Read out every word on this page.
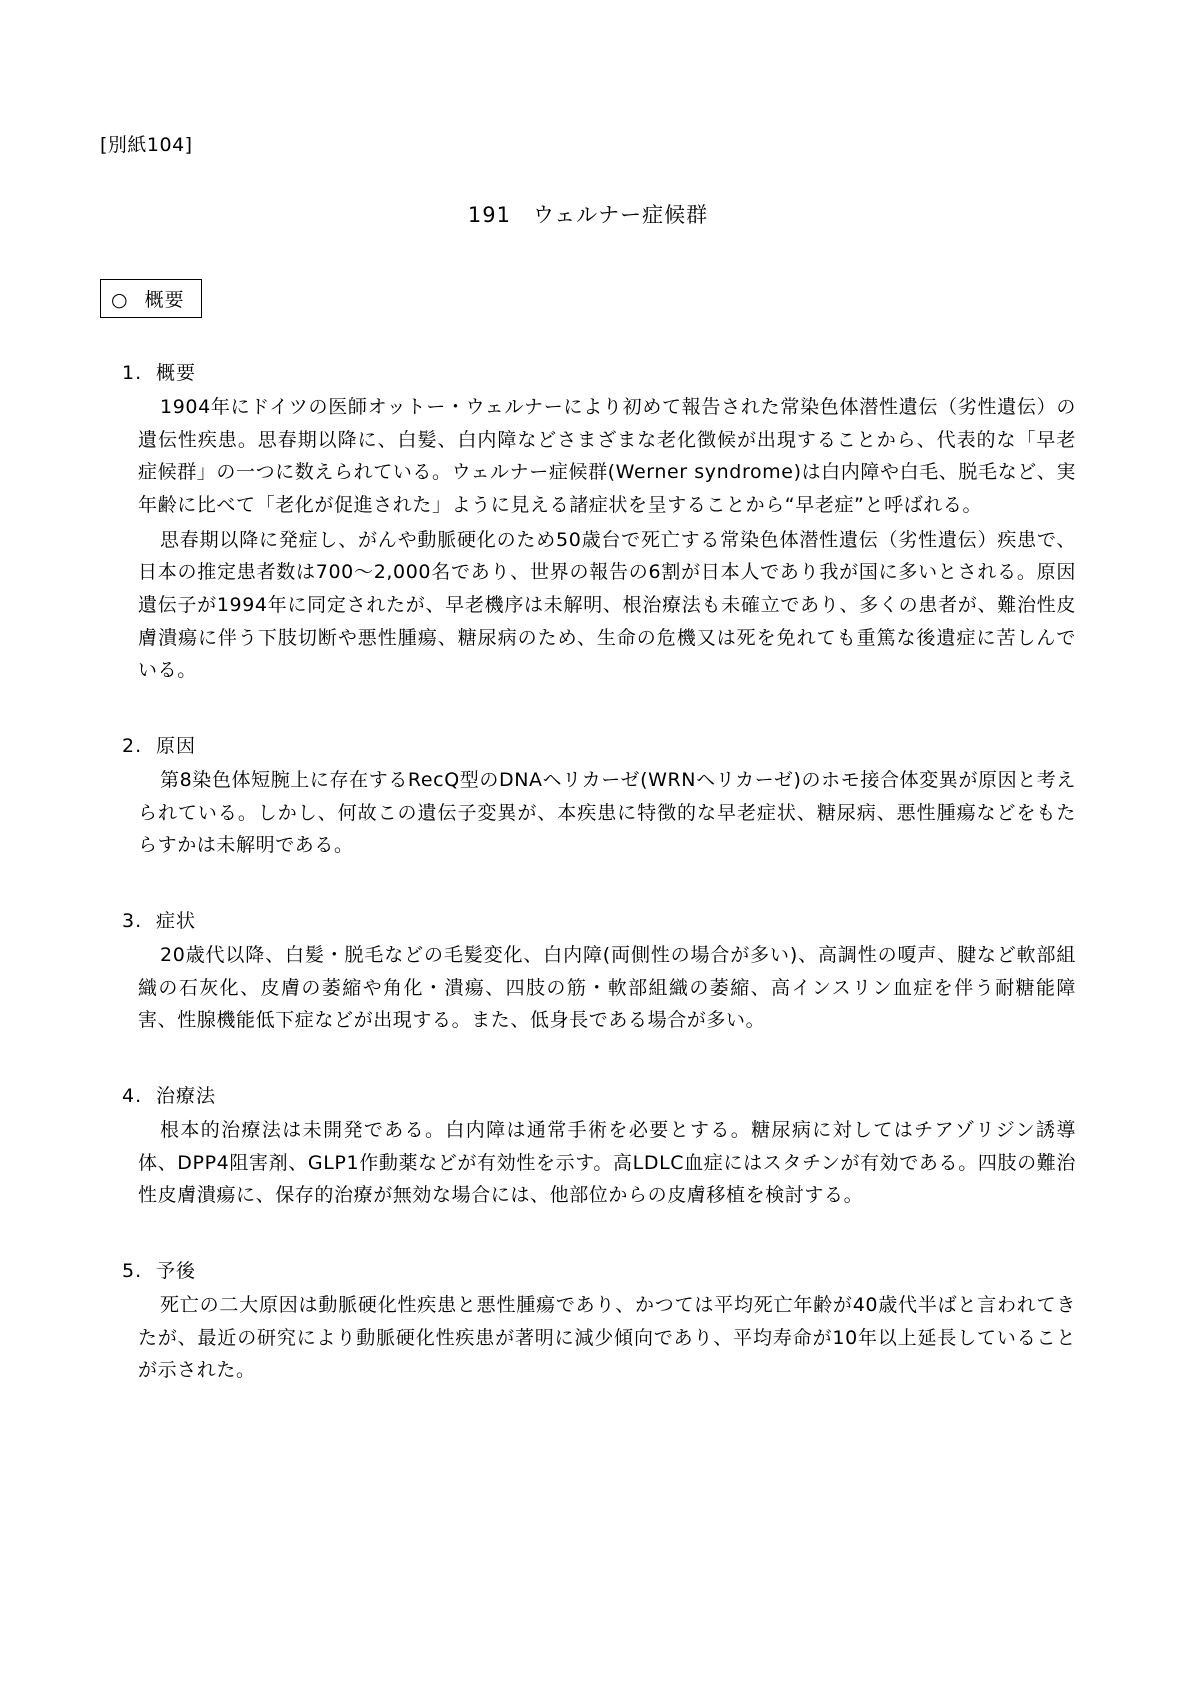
[別紙104]
191　ウェルナー症候群
○ 概要
1. 概要

1904年にドイツの医師オットー・ウェルナーにより初めて報告された常染色体潜性遺伝（劣性遺伝）の遺伝性疾患。思春期以降に、白髪、白内障などさまざまな老化徴候が出現することから、代表的な「早老症候群」の一つに数えられている。ウェルナー症候群(Werner syndrome)は白内障や白毛、脱毛など、実年齢に比べて「老化が促進された」ように見える諸症状を呈することから“早老症”と呼ばれる。

思春期以降に発症し、がんや動脈硬化のため50歳台で死亡する常染色体潜性遺伝（劣性遺伝）疾患で、日本の推定患者数は700〜2,000名であり、世界の報告の6割が日本人であり我が国に多いとされる。原因遺伝子が1994年に同定されたが、早老機序は未解明、根治療法も未確立であり、多くの患者が、難治性皮膚潰瘍に伴う下肢切断や悪性腫瘍、糖尿病のため、生命の危機又は死を免れても重篤な後遺症に苦しんでいる。

2. 原因

第8染色体短腕上に存在するRecQ型のDNAヘリカーゼ(WRNヘリカーゼ)のホモ接合体変異が原因と考えられている。しかし、何故この遺伝子変異が、本疾患に特徴的な早老症状、糖尿病、悪性腫瘍などをもたらすかは未解明である。

3. 症状

20歳代以降、白髪・脱毛などの毛髪変化、白内障(両側性の場合が多い)、高調性の嗄声、腱など軟部組織の石灰化、皮膚の萎縮や角化・潰瘍、四肢の筋・軟部組織の萎縮、高インスリン血症を伴う耐糖能障害、性腺機能低下症などが出現する。また、低身長である場合が多い。

4. 治療法

根本的治療法は未開発である。白内障は通常手術を必要とする。糖尿病に対してはチアゾリジン誘導体、DPP4阻害剤、GLP1作動薬などが有効性を示す。高LDLC血症にはスタチンが有効である。四肢の難治性皮膚潰瘍に、保存的治療が無効な場合には、他部位からの皮膚移植を検討する。

5. 予後

死亡の二大原因は動脈硬化性疾患と悪性腫瘍であり、かつては平均死亡年齢が40歳代半ばと言われてきたが、最近の研究により動脈硬化性疾患が著明に減少傾向であり、平均寿命が10年以上延長していることが示された。
